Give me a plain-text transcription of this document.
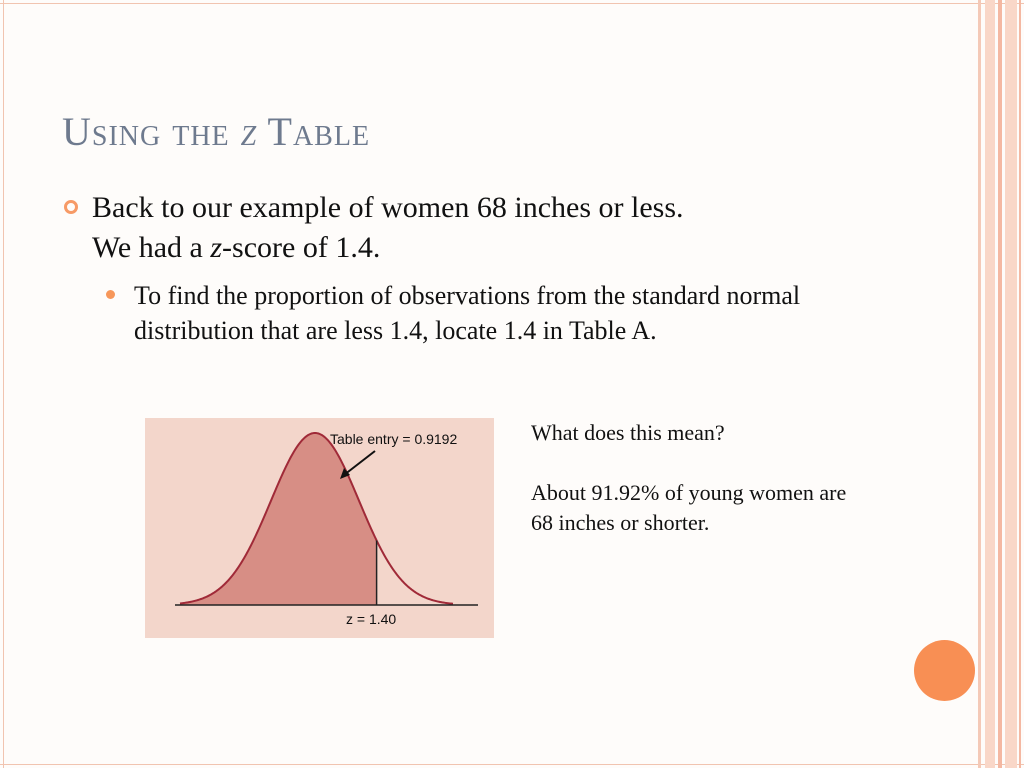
Using the z Table
Back to our example of women 68 inches or less.
We had a z-score of 1.4.
To find the proportion of observations from the standard normal distribution that are less 1.4, locate 1.4 in Table A.
Table entry = 0.9192
z = 1.40

What does this mean?

About 91.92% of young women are 68 inches or shorter.
